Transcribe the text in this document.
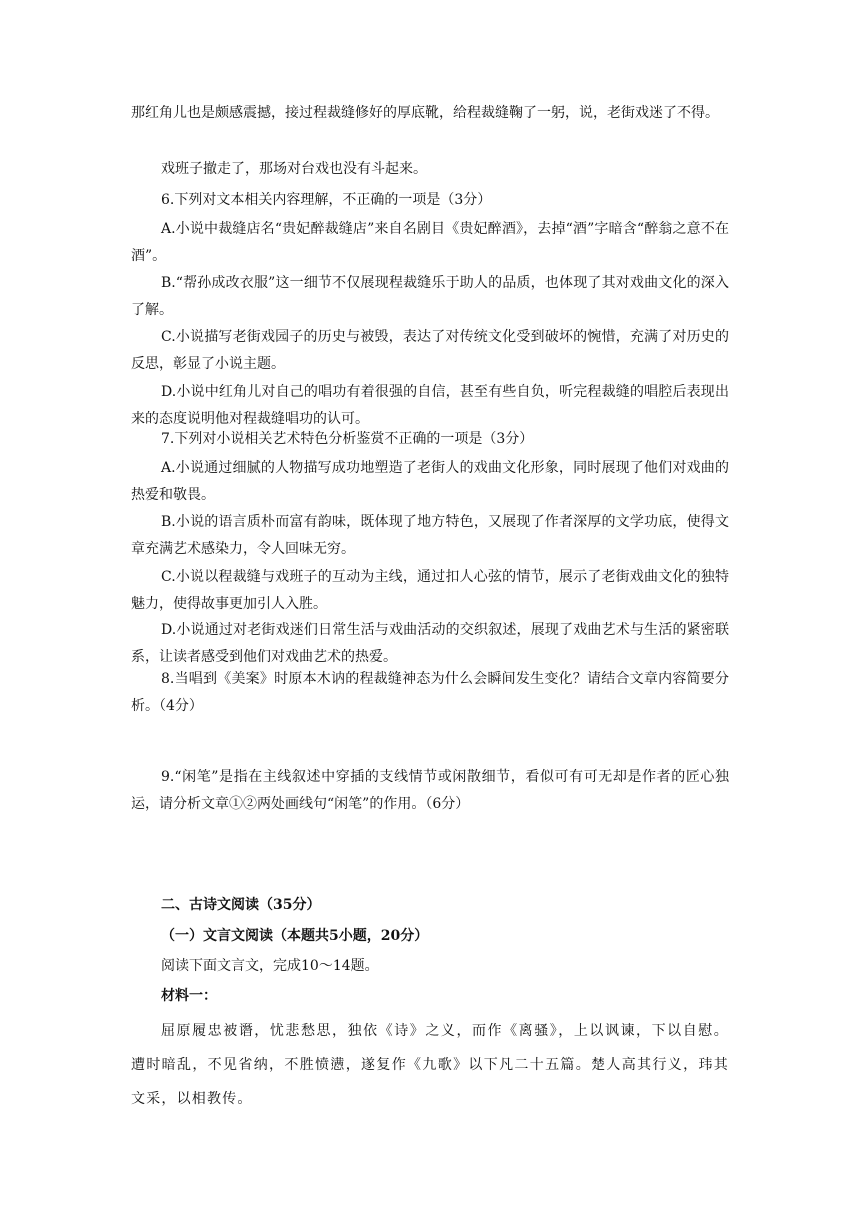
那红角儿也是颇感震撼，接过程裁缝修好的厚底靴，给程裁缝鞠了一躬，说，老街戏迷了不得。

戏班子撤走了，那场对台戏也没有斗起来。

6.下列对文本相关内容理解，不正确的一项是（3分）

A.小说中裁缝店名“贵妃醉裁缝店”来自名剧目《贵妃醉酒》，去掉“酒”字暗含“醉翁之意不在酒”。

B.“帮孙成改衣服”这一细节不仅展现程裁缝乐于助人的品质，也体现了其对戏曲文化的深入了解。

C.小说描写老街戏园子的历史与被毁，表达了对传统文化受到破坏的惋惜，充满了对历史的反思，彰显了小说主题。

D.小说中红角儿对自己的唱功有着很强的自信，甚至有些自负，听完程裁缝的唱腔后表现出来的态度说明他对程裁缝唱功的认可。

7.下列对小说相关艺术特色分析鉴赏不正确的一项是（3分）

A.小说通过细腻的人物描写成功地塑造了老街人的戏曲文化形象，同时展现了他们对戏曲的热爱和敬畏。

B.小说的语言质朴而富有韵味，既体现了地方特色，又展现了作者深厚的文学功底，使得文章充满艺术感染力，令人回味无穷。

C.小说以程裁缝与戏班子的互动为主线，通过扣人心弦的情节，展示了老街戏曲文化的独特魅力，使得故事更加引人入胜。

D.小说通过对老街戏迷们日常生活与戏曲活动的交织叙述，展现了戏曲艺术与生活的紧密联系，让读者感受到他们对戏曲艺术的热爱。

8.当唱到《美案》时原本木讷的程裁缝神态为什么会瞬间发生变化？请结合文章内容简要分析。（4分）

9.“闲笔”是指在主线叙述中穿插的支线情节或闲散细节，看似可有可无却是作者的匠心独运，请分析文章①②两处画线句“闲笔”的作用。（6分）

二、古诗文阅读（35分）

（一）文言文阅读（本题共5小题，20分）

阅读下面文言文，完成10～14题。

材料一：

屈原履忠被谮，忧悲愁思，独依《诗》之义，而作《离骚》，上以讽谏，下以自慰。遭时暗乱，不见省纳，不胜愤懑，遂复作《九歌》以下凡二十五篇。楚人高其行义，玮其文采，以相教传。
